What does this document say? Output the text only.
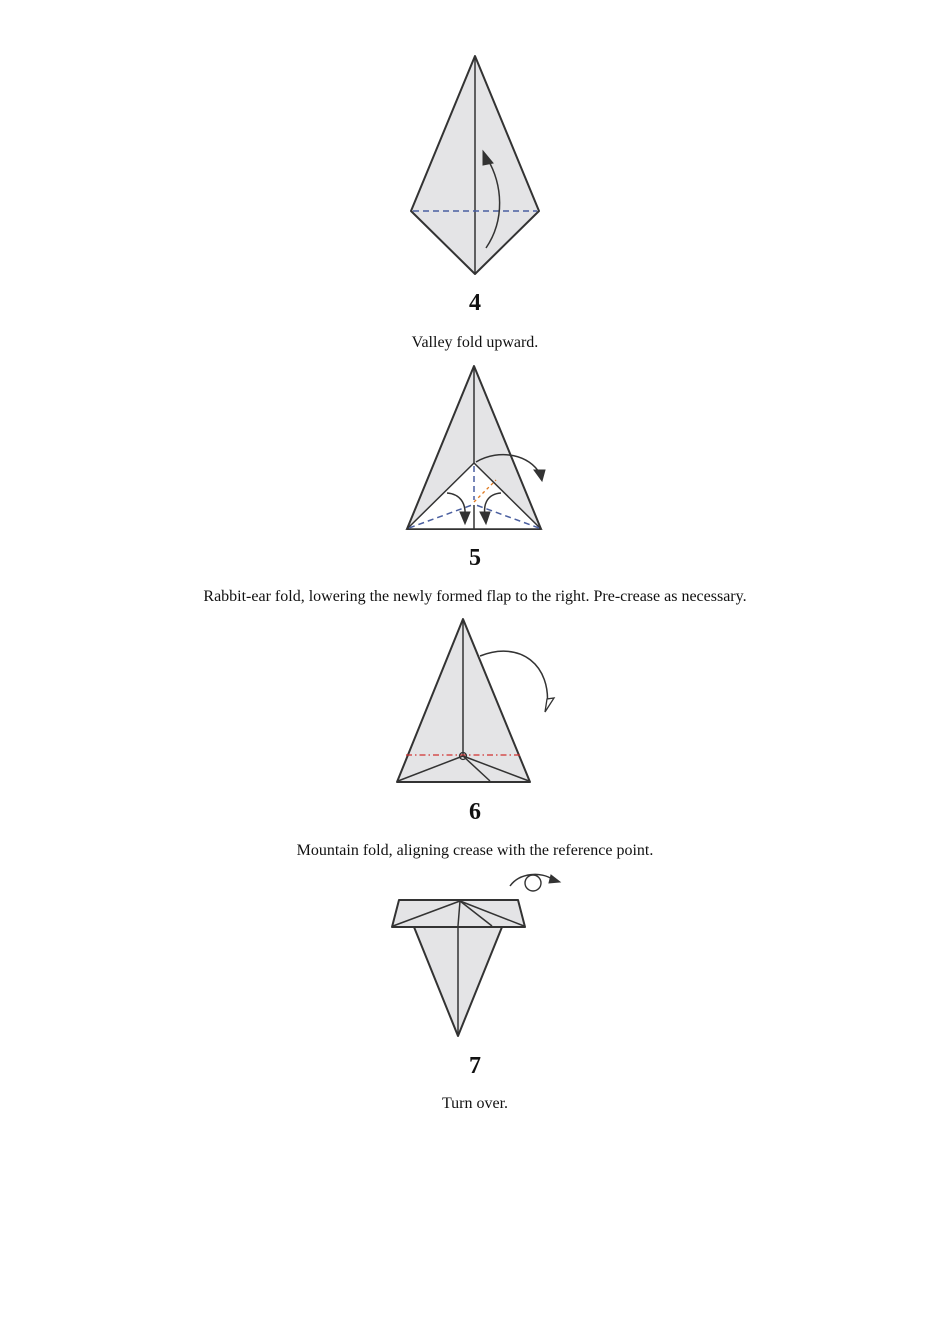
4
Valley fold upward.
5
Rabbit-ear fold, lowering the newly formed flap to the right. Pre-crease as necessary.
6
Mountain fold, aligning crease with the reference point.
7
Turn over.
